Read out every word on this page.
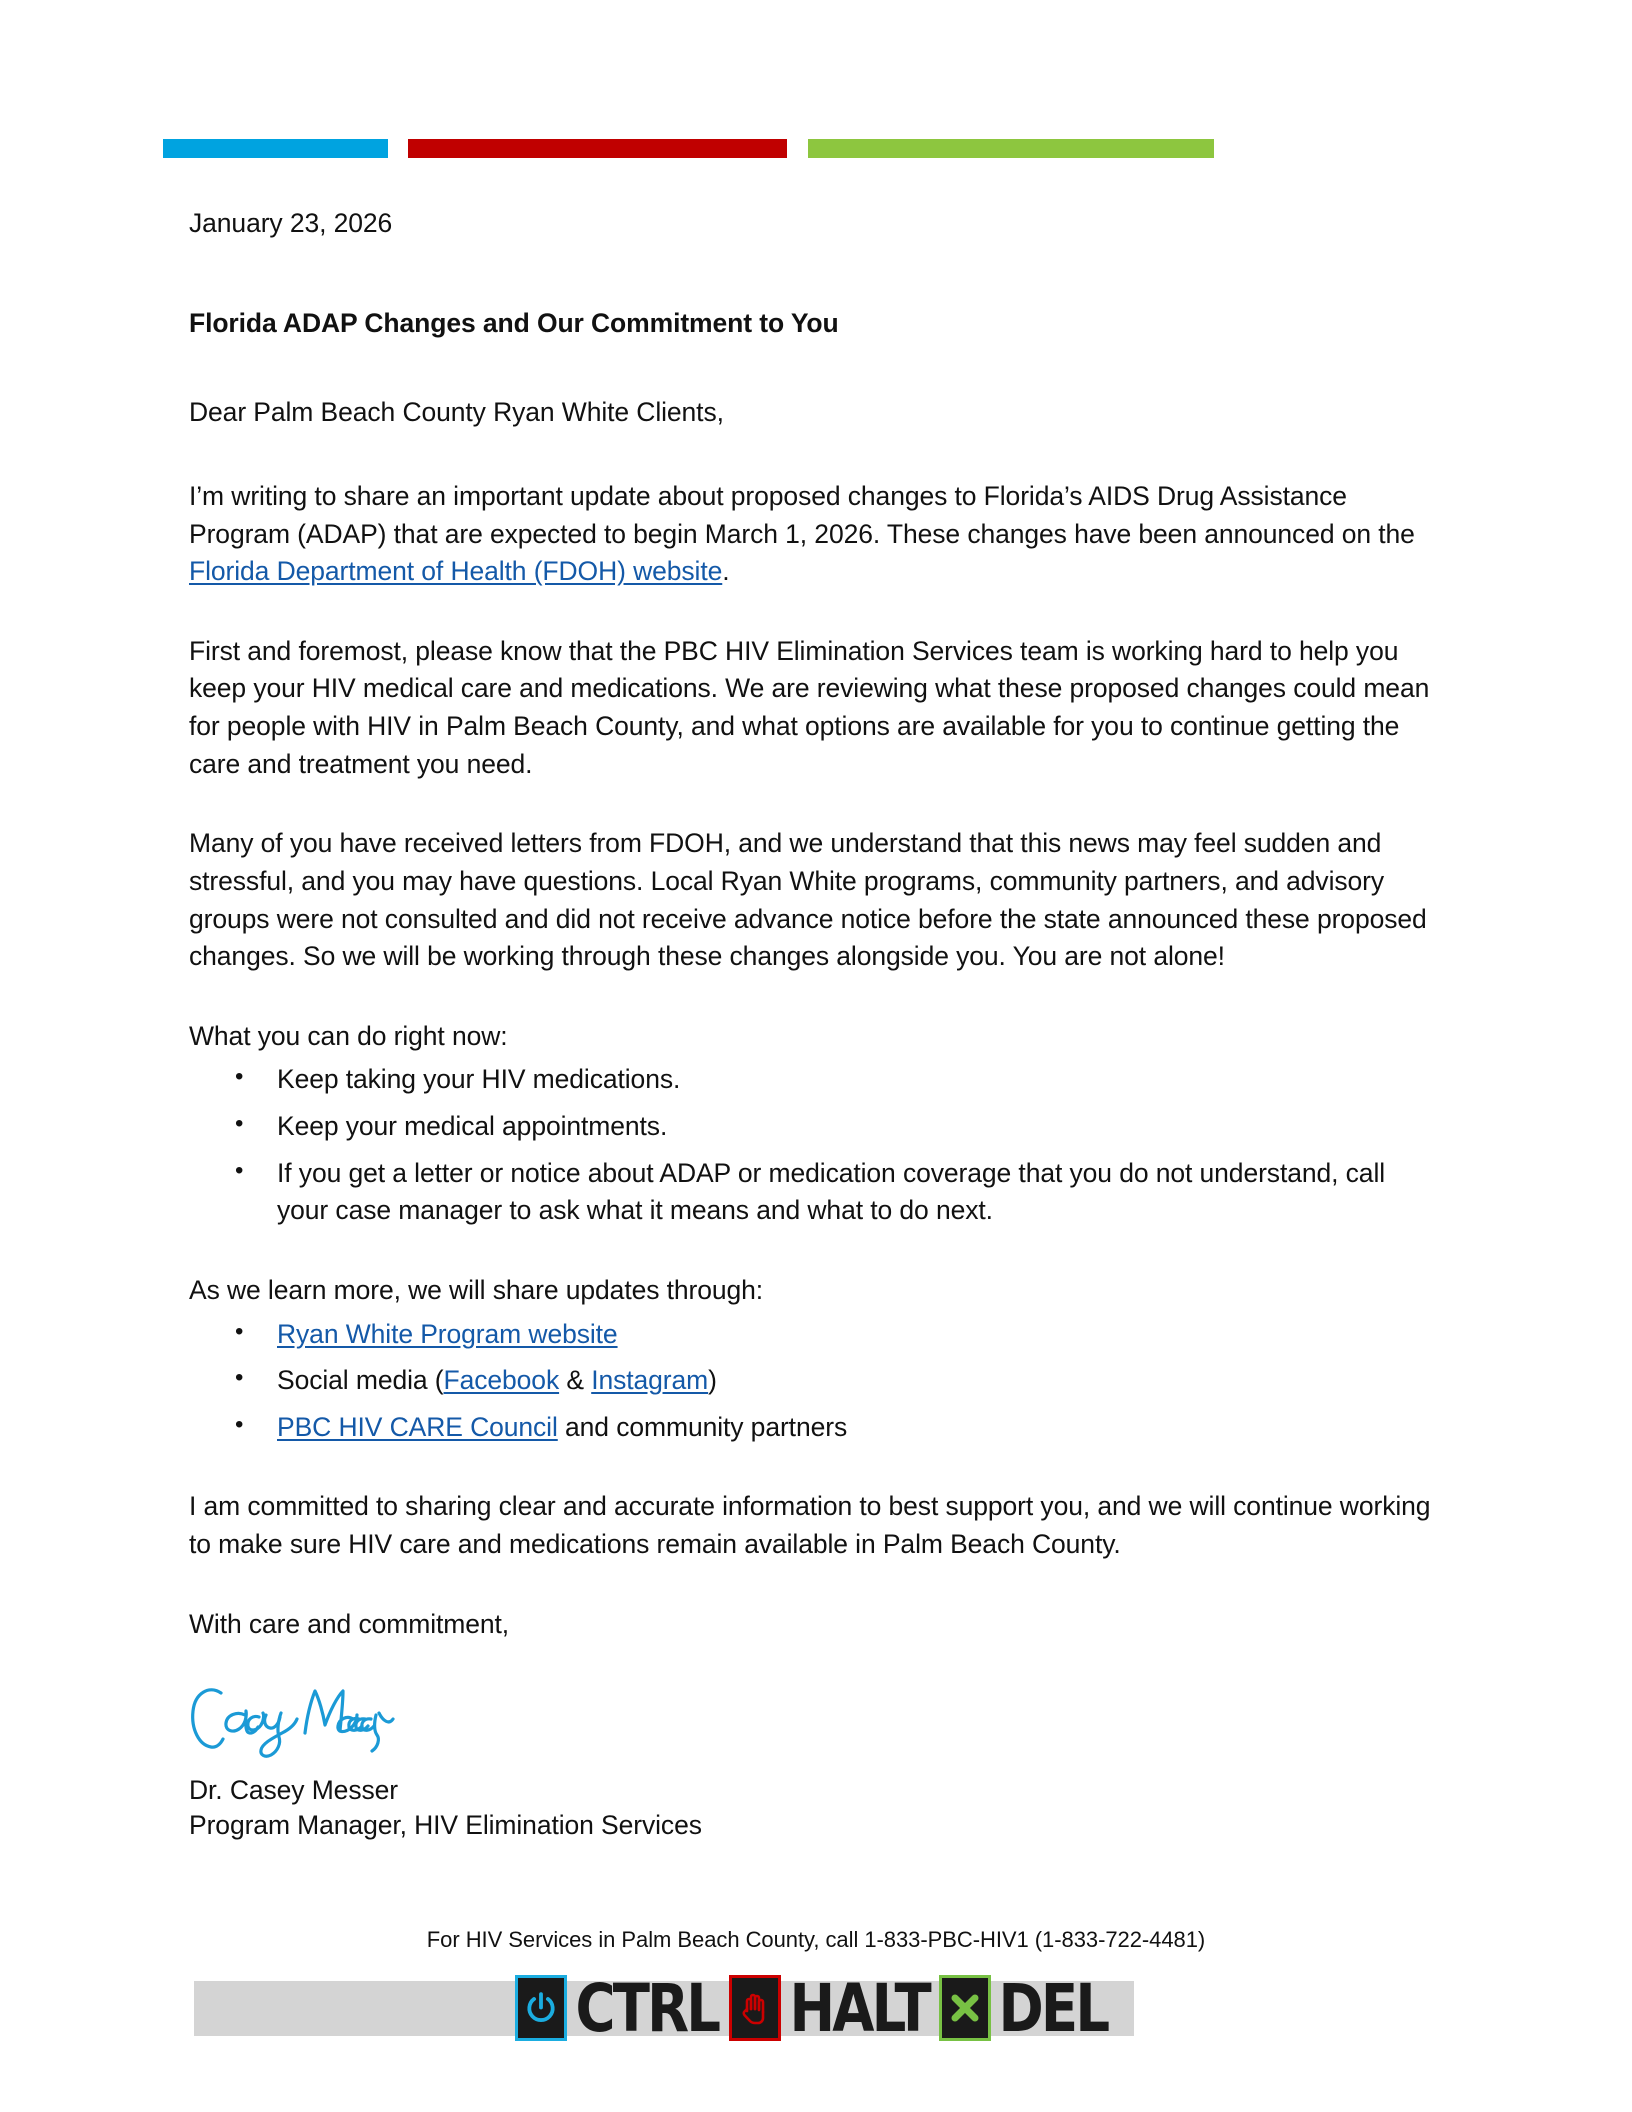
January 23, 2026

Florida ADAP Changes and Our Commitment to You

Dear Palm Beach County Ryan White Clients,

I’m writing to share an important update about proposed changes to Florida’s AIDS Drug Assistance Program (ADAP) that are expected to begin March 1, 2026. These changes have been announced on the Florida Department of Health (FDOH) website.

First and foremost, please know that the PBC HIV Elimination Services team is working hard to help you keep your HIV medical care and medications. We are reviewing what these proposed changes could mean for people with HIV in Palm Beach County, and what options are available for you to continue getting the care and treatment you need.

Many of you have received letters from FDOH, and we understand that this news may feel sudden and stressful, and you may have questions. Local Ryan White programs, community partners, and advisory groups were not consulted and did not receive advance notice before the state announced these proposed changes. So we will be working through these changes alongside you. You are not alone!

What you can do right now:

• Keep taking your HIV medications.
• Keep your medical appointments.
• If you get a letter or notice about ADAP or medication coverage that you do not understand, call your case manager to ask what it means and what to do next.

As we learn more, we will share updates through:

• Ryan White Program website
• Social media (Facebook & Instagram)
• PBC HIV CARE Council and community partners

I am committed to sharing clear and accurate information to best support you, and we will continue working to make sure HIV care and medications remain available in Palm Beach County.

With care and commitment,

Dr. Casey Messer

Program Manager, HIV Elimination Services

For HIV Services in Palm Beach County, call 1-833-PBC-HIV1 (1-833-722-4481)
CTRL HALT DEL
